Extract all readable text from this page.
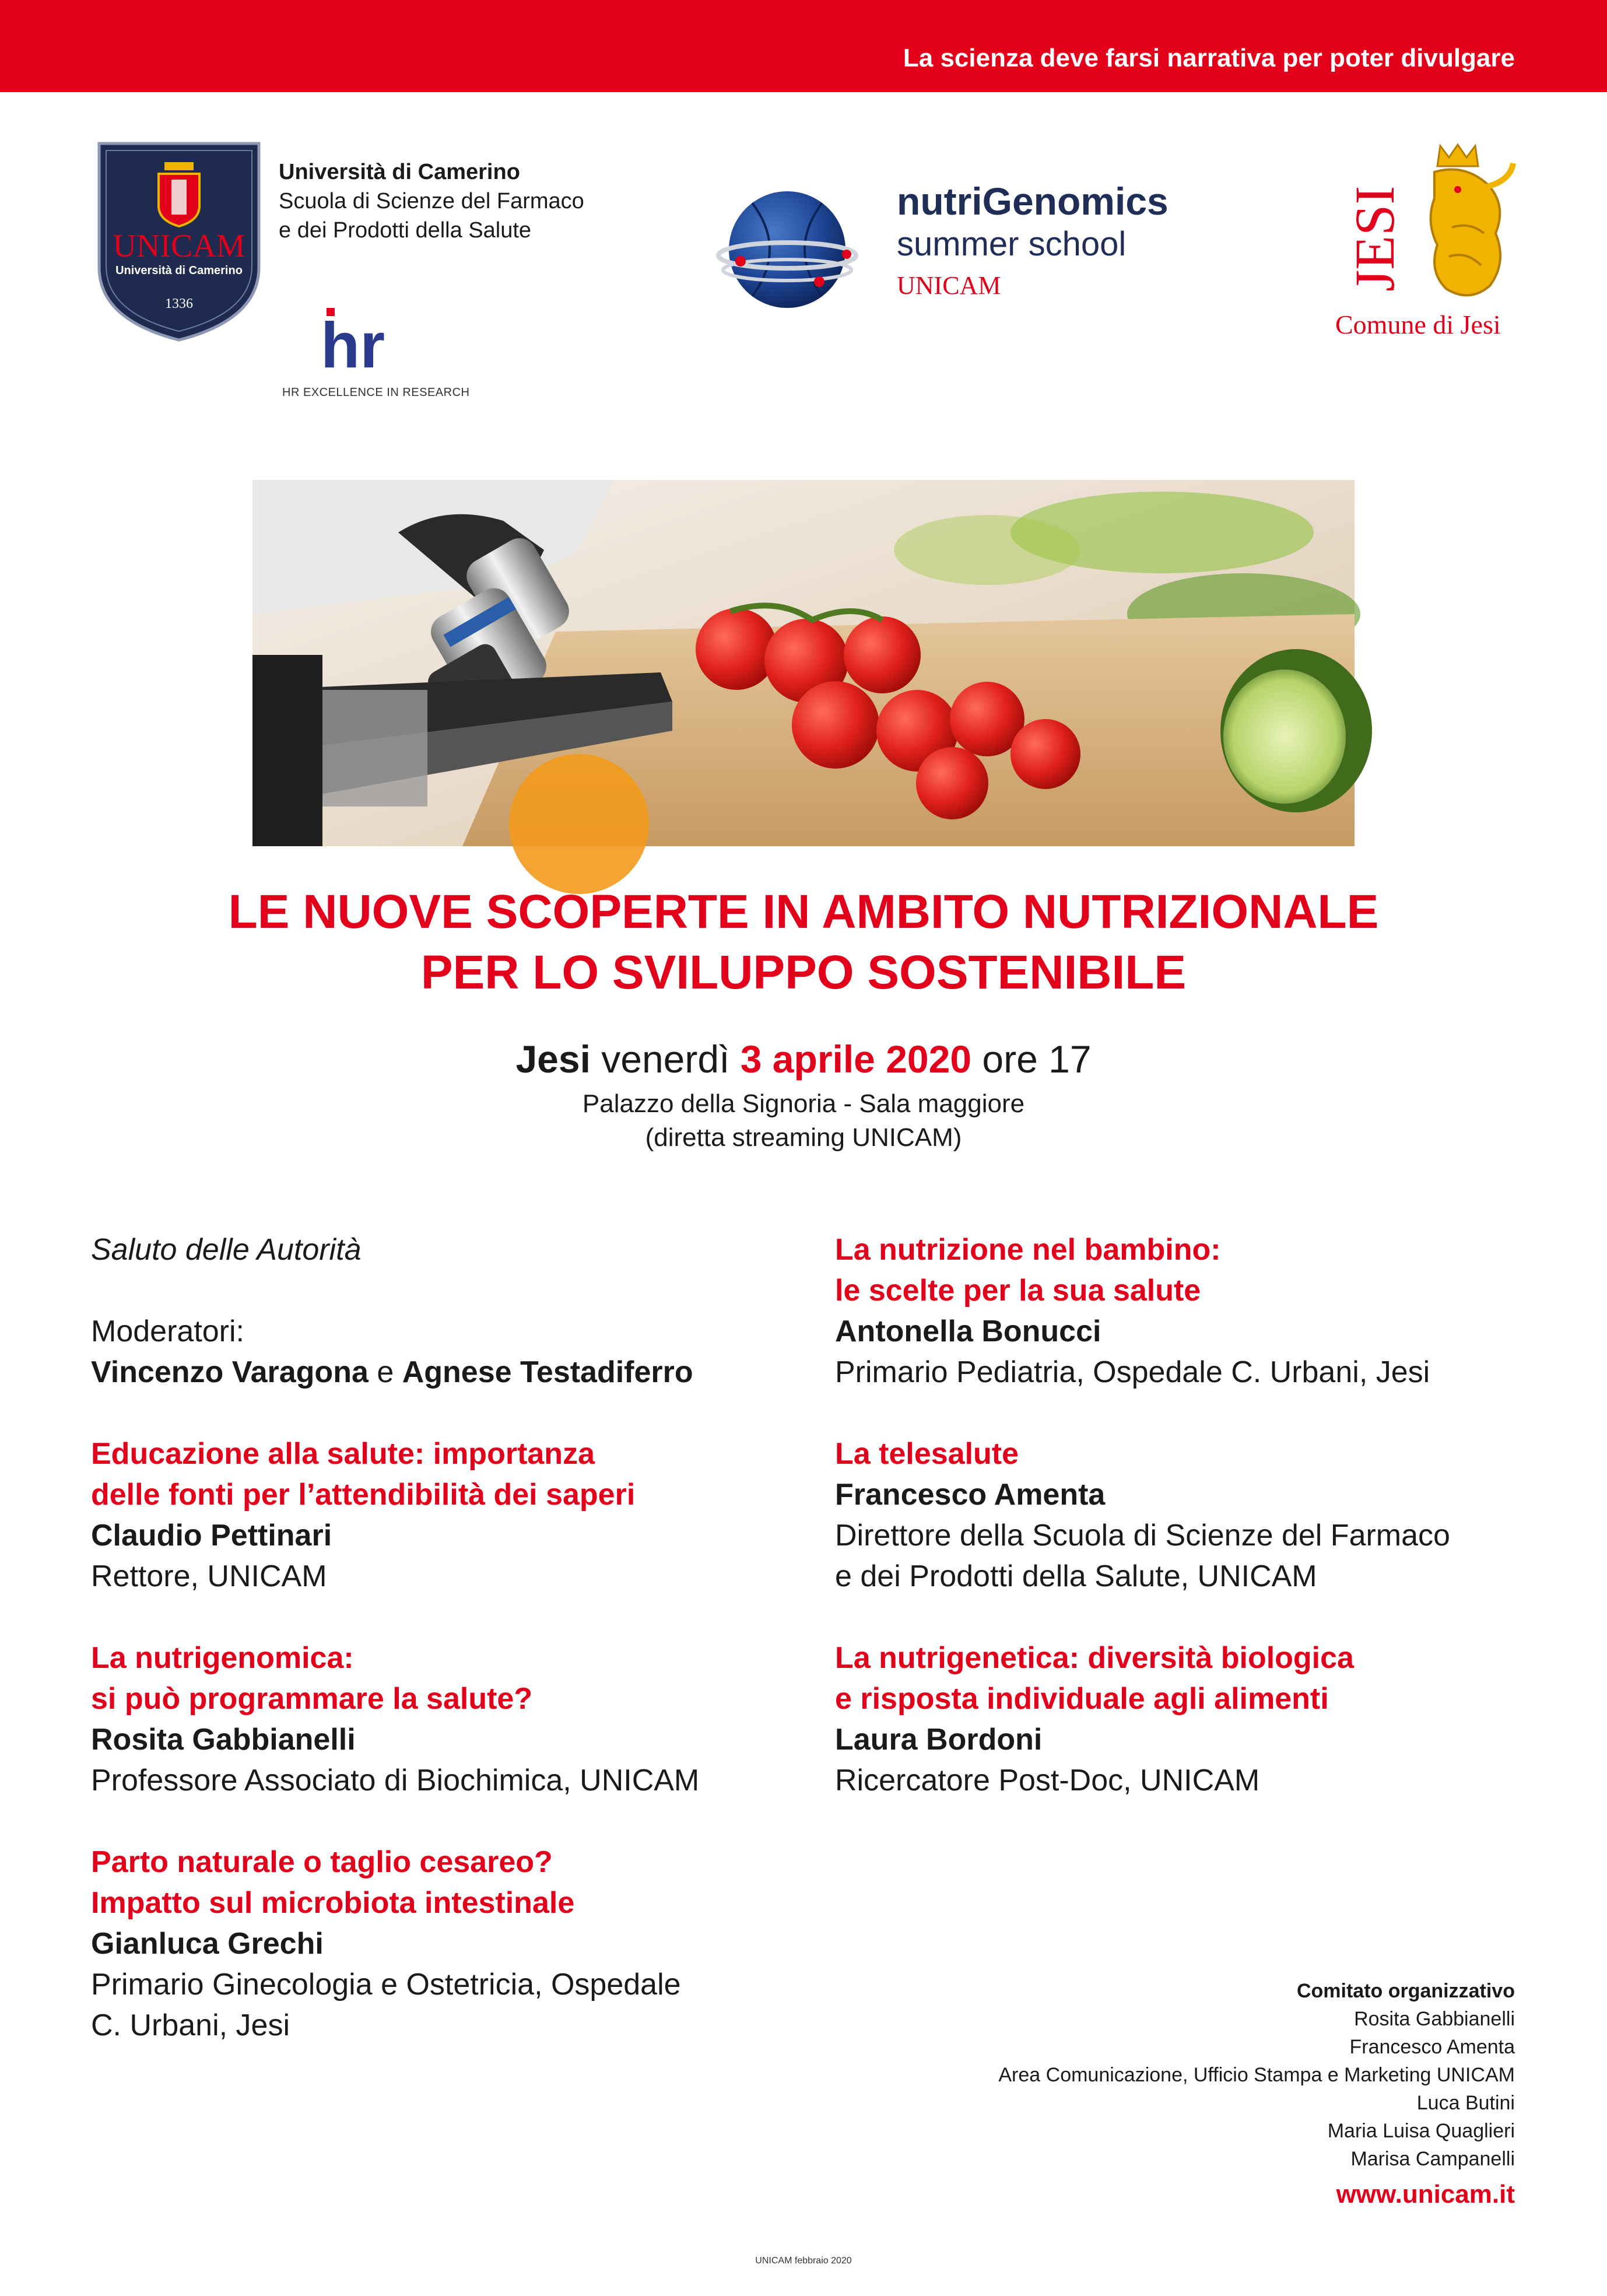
La scienza deve farsi narrativa per poter divulgare
UNICAM
Università di Camerino
1336
Università di Camerino
Scuola di Scienze del Farmaco
e dei Prodotti della Salute
hr
HR EXCELLENCE IN RESEARCH
nutriGenomics
summer school
UNICAM	JESI
Comune di Jesi
LE NUOVE SCOPERTE IN AMBITO NUTRIZIONALE
PER LO SVILUPPO SOSTENIBILE
Jesi venerdì 3 aprile 2020 ore 17
Palazzo della Signoria - Sala maggiore
(diretta streaming UNICAM)
Saluto delle Autorità
Moderatori:
Vincenzo Varagona e Agnese Testadiferro
Educazione alla salute: importanza
delle fonti per l’attendibilità dei saperi
Claudio Pettinari
Rettore, UNICAM
La nutrigenomica:
si può programmare la salute?
Rosita Gabbianelli
Professore Associato di Biochimica, UNICAM
Parto naturale o taglio cesareo?
Impatto sul microbiota intestinale
Gianluca Grechi
Primario Ginecologia e Ostetricia, Ospedale
C. Urbani, Jesi
La nutrizione nel bambino:
le scelte per la sua salute
Antonella Bonucci
Primario Pediatria, Ospedale C. Urbani, Jesi
La telesalute
Francesco Amenta
Direttore della Scuola di Scienze del Farmaco
e dei Prodotti della Salute, UNICAM
La nutrigenetica: diversità biologica
e risposta individuale agli alimenti
Laura Bordoni
Ricercatore Post-Doc, UNICAM
Comitato organizzativo
Rosita Gabbianelli
Francesco Amenta
Area Comunicazione, Ufficio Stampa e Marketing UNICAM
Luca Butini
Maria Luisa Quaglieri
Marisa Campanelli
www.unicam.it
UNICAM febbraio 2020
